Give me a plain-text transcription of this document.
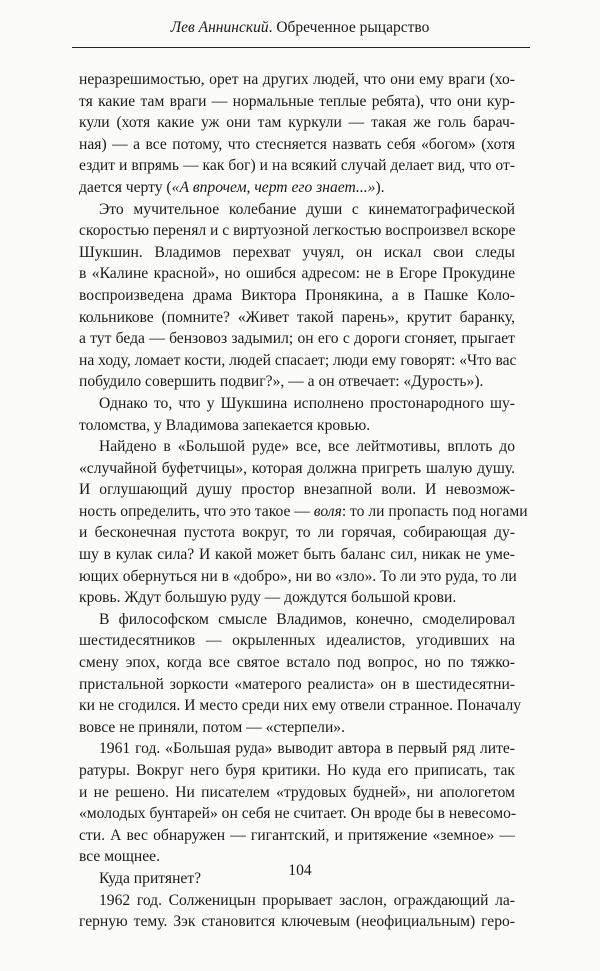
Лев Аннинский. Обреченное рыцарство

неразрешимостью, орет на других людей, что они ему враги (хо-
тя какие там враги — нормальные теплые ребята), что они кур-
кули (хотя какие уж они там куркули — такая же голь барач-
ная) — а все потому, что стесняется назвать себя «богом» (хотя
ездит и впрямь — как бог) и на всякий случай делает вид, что от-
дается черту («А впрочем, черт его знает...»).

Это мучительное колебание души с кинематографической
скоростью перенял и с виртуозной легкостью воспроизвел вскоре
Шукшин. Владимов перехват учуял, он искал свои следы
в «Калине красной», но ошибся адресом: не в Егоре Прокудине
воспроизведена драма Виктора Пронякина, а в Пашке Коло-
кольникове (помните? «Живет такой парень», крутит баранку,
а тут беда — бензовоз задымил; он его с дороги сгоняет, прыгает
на ходу, ломает кости, людей спасает; люди ему говорят: «Что вас
побудило совершить подвиг?», — а он отвечает: «Дурость»).

Однако то, что у Шукшина исполнено простонародного шу-
толомства, у Владимова запекается кровью.

Найдено в «Большой руде» все, все лейтмотивы, вплоть до
«случайной буфетчицы», которая должна пригреть шалую душу.
И оглушающий душу простор внезапной воли. И невозмож-
ность определить, что это такое — воля: то ли пропасть под ногами
и бесконечная пустота вокруг, то ли горячая, собирающая ду-
шу в кулак сила? И какой может быть баланс сил, никак не уме-
ющих обернуться ни в «добро», ни во «зло». То ли это руда, то ли
кровь. Ждут большую руду — дождутся большой крови.

В философском смысле Владимов, конечно, смоделировал
шестидесятников — окрыленных идеалистов, угодивших на
смену эпох, когда все святое встало под вопрос, но по тяжко-
пристальной зоркости «матерого реалиста» он в шестидесятни-
ки не сгодился. И место среди них ему отвели странное. Поначалу
вовсе не приняли, потом — «стерпели».

1961 год. «Большая руда» выводит автора в первый ряд лите-
ратуры. Вокруг него буря критики. Но куда его приписать, так
и не решено. Ни писателем «трудовых будней», ни апологетом
«молодых бунтарей» он себя не считает. Он вроде бы в невесомо-
сти. А вес обнаружен — гигантский, и притяжение «земное» —
все мощнее.

Куда притянет?

1962 год. Солженицын прорывает заслон, ограждающий ла-
герную тему. Зэк становится ключевым (неофициальным) геро-

104
